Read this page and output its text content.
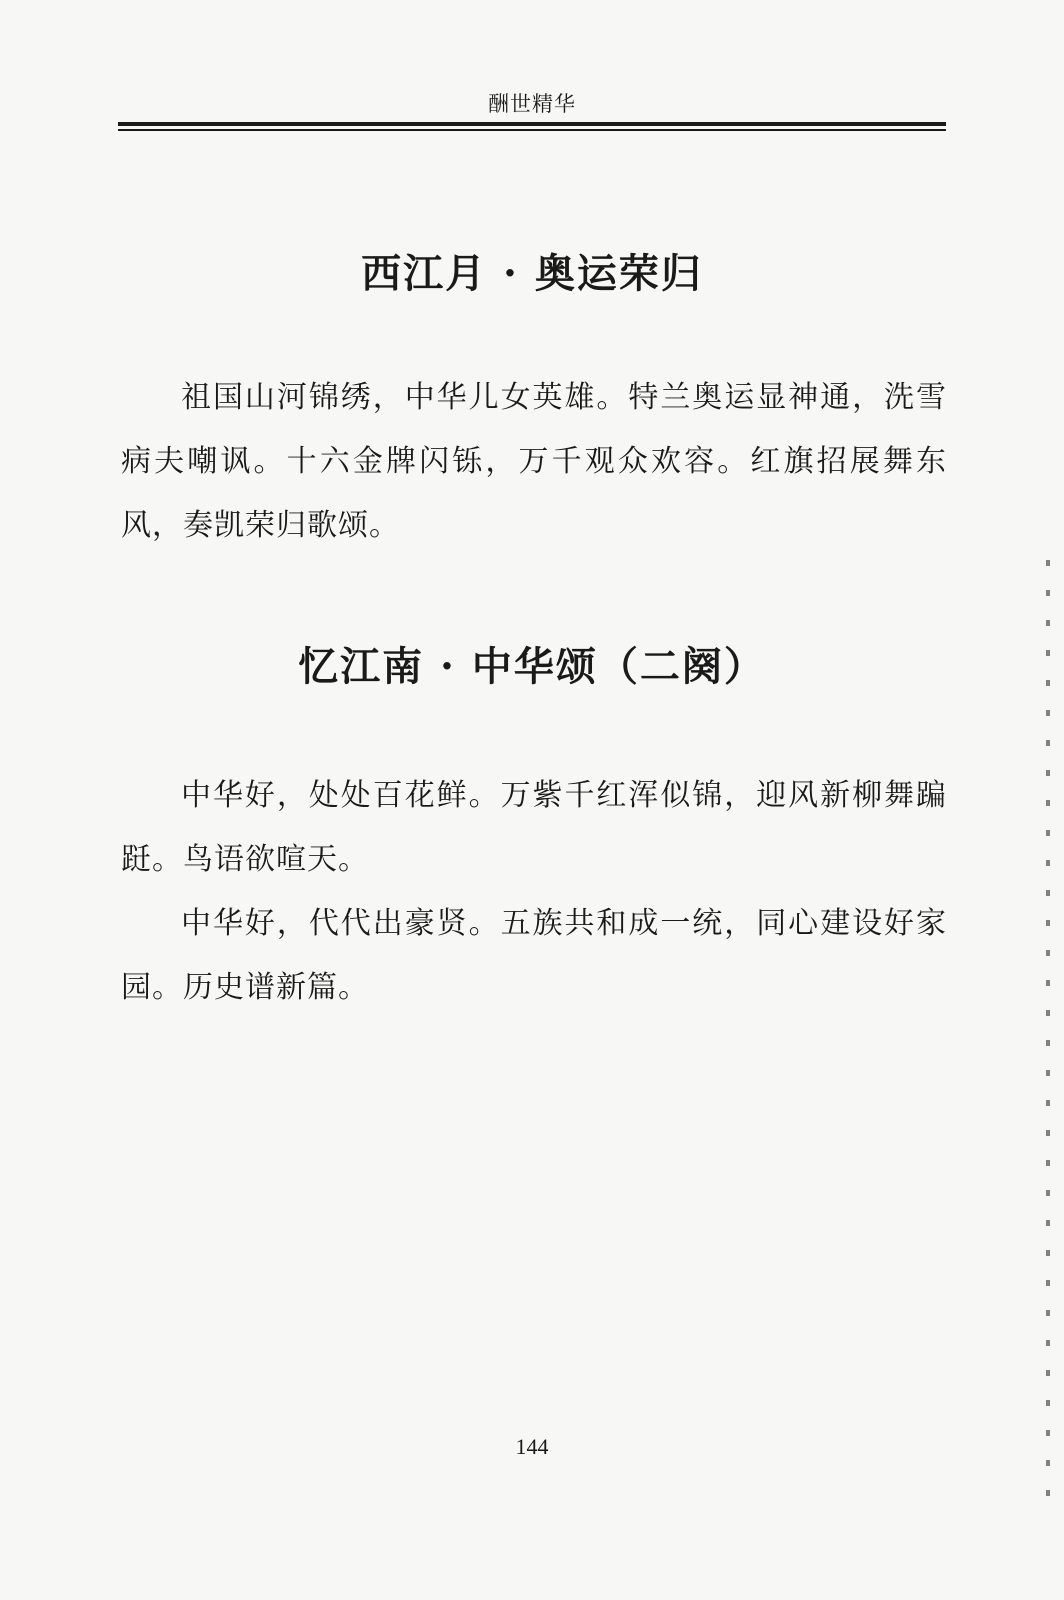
酬世精华
西江月 · 奥运荣归

祖国山河锦绣，中华儿女英雄。特兰奥运显神通，洗雪病夫嘲讽。十六金牌闪铄，万千观众欢容。红旗招展舞东风，奏凯荣归歌颂。

忆江南 · 中华颂（二阕）

中华好，处处百花鲜。万紫千红浑似锦，迎风新柳舞蹁跹。鸟语欲喧天。

中华好，代代出豪贤。五族共和成一统，同心建设好家园。历史谱新篇。

144
